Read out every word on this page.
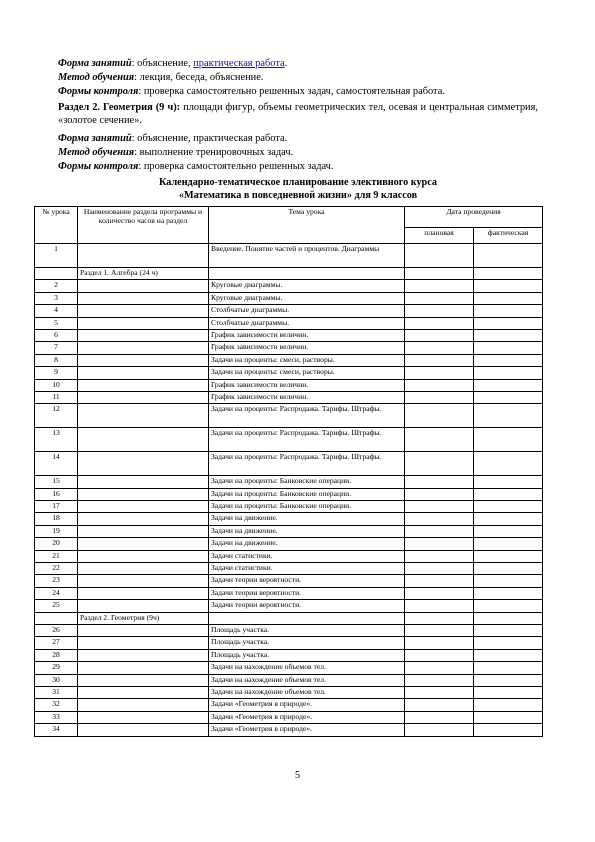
Форма занятий: объяснение, практическая работа.
Метод обучения: лекция, беседа, объяснение.
Формы контроля: проверка самостоятельно решенных задач, самостоятельная работа.
Раздел 2. Геометрия (9 ч): площади фигур, объемы геометрических тел, осевая и центральная симметрия, «золотое сечение».
Форма занятий: объяснение, практическая работа.
Метод обучения: выполнение тренировочных задач.
Формы контроля: проверка самостоятельно решенных задач.
Календарно-тематическое планирование элективного курса
«Математика в повседневной жизни» для 9 классов
№ урока	Наименование раздела программы и количество часов на раздел	Тема урока	Дата проведения	
			плановая	фактическая
1		Введение. Понятие частей и процентов. Диаграммы		
	Раздел 1. Алгебра (24 ч)			
2		Круговые диаграммы.		
3		Круговые диаграммы.		
4		Столбчатые диаграммы.		
5		Столбчатые диаграммы.		
6		График зависимости величин.		
7		График зависимости величин.		
8		Задачи на проценты: смеси, растворы.		
9		Задачи на проценты: смеси, растворы.		
10		График зависимости величин.		
11		График зависимости величин.		
12		Задачи на проценты: Распродажа. Тарифы. Штрафы.		
13		Задачи на проценты: Распродажа. Тарифы. Штрафы.		
14		Задачи на проценты: Распродажа. Тарифы. Штрафы.		
15		Задачи на проценты: Банковские операции.		
16		Задачи на проценты: Банковские операции.		
17		Задачи на проценты: Банковские операции.		
18		Задачи на движение.		
19		Задачи на движение.		
20		Задачи на движение.		
21		Задачи статистики.		
22		Задачи статистики.		
23		Задачи теории вероятности.		
24		Задачи теории вероятности.		
25		Задачи теории вероятности.		
	Раздел 2. Геометрия (9ч)			
26		Площадь участка.		
27		Площадь участка.		
28		Площадь участка.		
29		Задачи на нахождение объемов тел.		
30		Задачи на нахождение объемов тел.		
31		Задачи на нахождение объемов тел.		
32		Задачи «Геометрия в природе».		
33		Задачи «Геометрия в природе».		
34		Задачи «Геометрия в природе».		
5
